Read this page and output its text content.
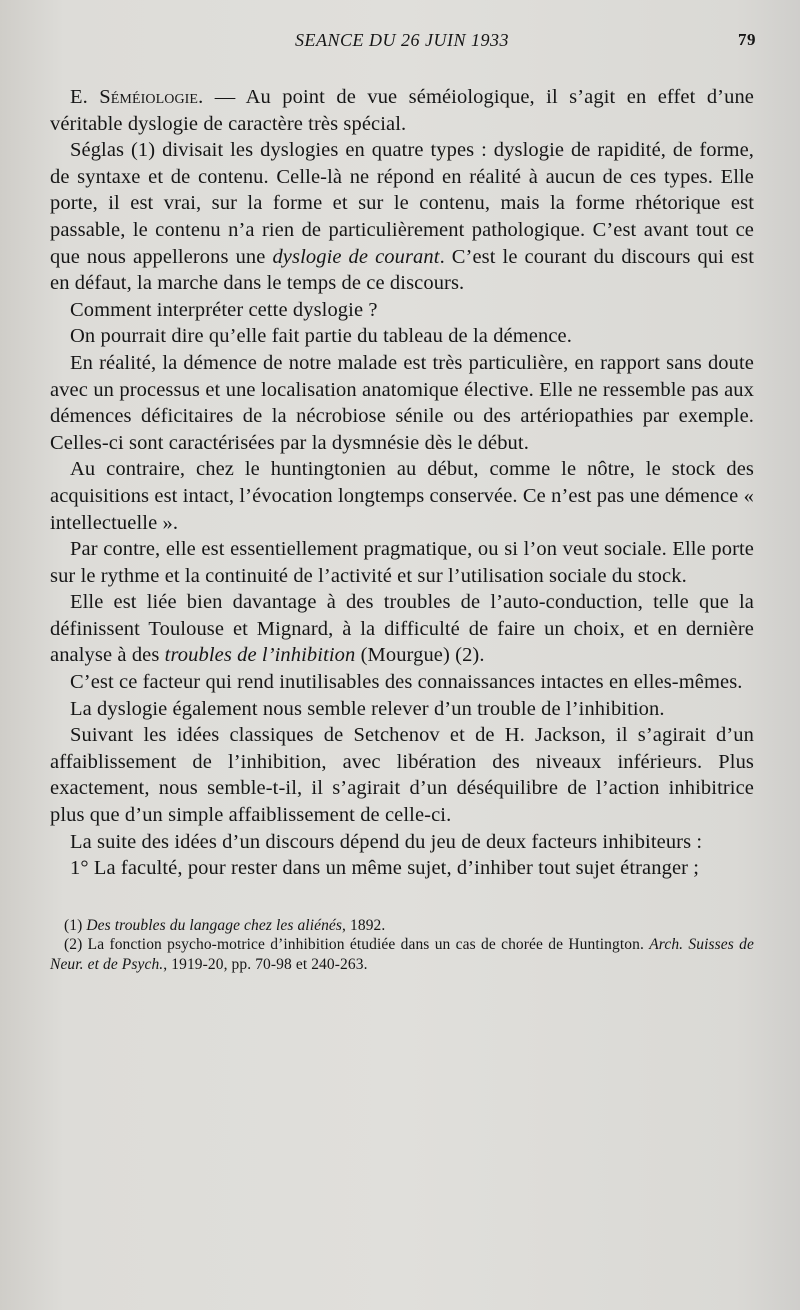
SEANCE DU 26 JUIN 1933	79

E. Séméiologie. — Au point de vue séméiologique, il s’agit en effet d’une véritable dyslogie de caractère très spécial.

Séglas (1) divisait les dyslogies en quatre types : dyslogie de rapidité, de forme, de syntaxe et de contenu. Celle-là ne répond en réalité à aucun de ces types. Elle porte, il est vrai, sur la forme et sur le contenu, mais la forme rhétorique est passable, le contenu n’a rien de particulièrement pathologique. C’est avant tout ce que nous appellerons une dyslogie de courant. C’est le courant du discours qui est en défaut, la marche dans le temps de ce discours.

Comment interpréter cette dyslogie ?

On pourrait dire qu’elle fait partie du tableau de la démence.

En réalité, la démence de notre malade est très particulière, en rapport sans doute avec un processus et une localisation anatomique élective. Elle ne ressemble pas aux démences déficitaires de la nécrobiose sénile ou des artériopathies par exemple. Celles-ci sont caractérisées par la dysmnésie dès le début.

Au contraire, chez le huntingtonien au début, comme le nôtre, le stock des acquisitions est intact, l’évocation longtemps conservée. Ce n’est pas une démence « intellectuelle ».

Par contre, elle est essentiellement pragmatique, ou si l’on veut sociale. Elle porte sur le rythme et la continuité de l’activité et sur l’utilisation sociale du stock.

Elle est liée bien davantage à des troubles de l’auto-conduction, telle que la définissent Toulouse et Mignard, à la difficulté de faire un choix, et en dernière analyse à des troubles de l’inhibition (Mourgue) (2).

C’est ce facteur qui rend inutilisables des connaissances intactes en elles-mêmes.

La dyslogie également nous semble relever d’un trouble de l’inhibition.

Suivant les idées classiques de Setchenov et de H. Jackson, il s’agirait d’un affaiblissement de l’inhibition, avec libération des niveaux inférieurs. Plus exactement, nous semble-t-il, il s’agirait d’un déséquilibre de l’action inhibitrice plus que d’un simple affaiblissement de celle-ci.

La suite des idées d’un discours dépend du jeu de deux facteurs inhibiteurs :

1° La faculté, pour rester dans un même sujet, d’inhiber tout sujet étranger ;

(1) Des troubles du langage chez les aliénés, 1892.

(2) La fonction psycho-motrice d’inhibition étudiée dans un cas de chorée de Huntington. Arch. Suisses de Neur. et de Psych., 1919-20, pp. 70-98 et 240-263.
